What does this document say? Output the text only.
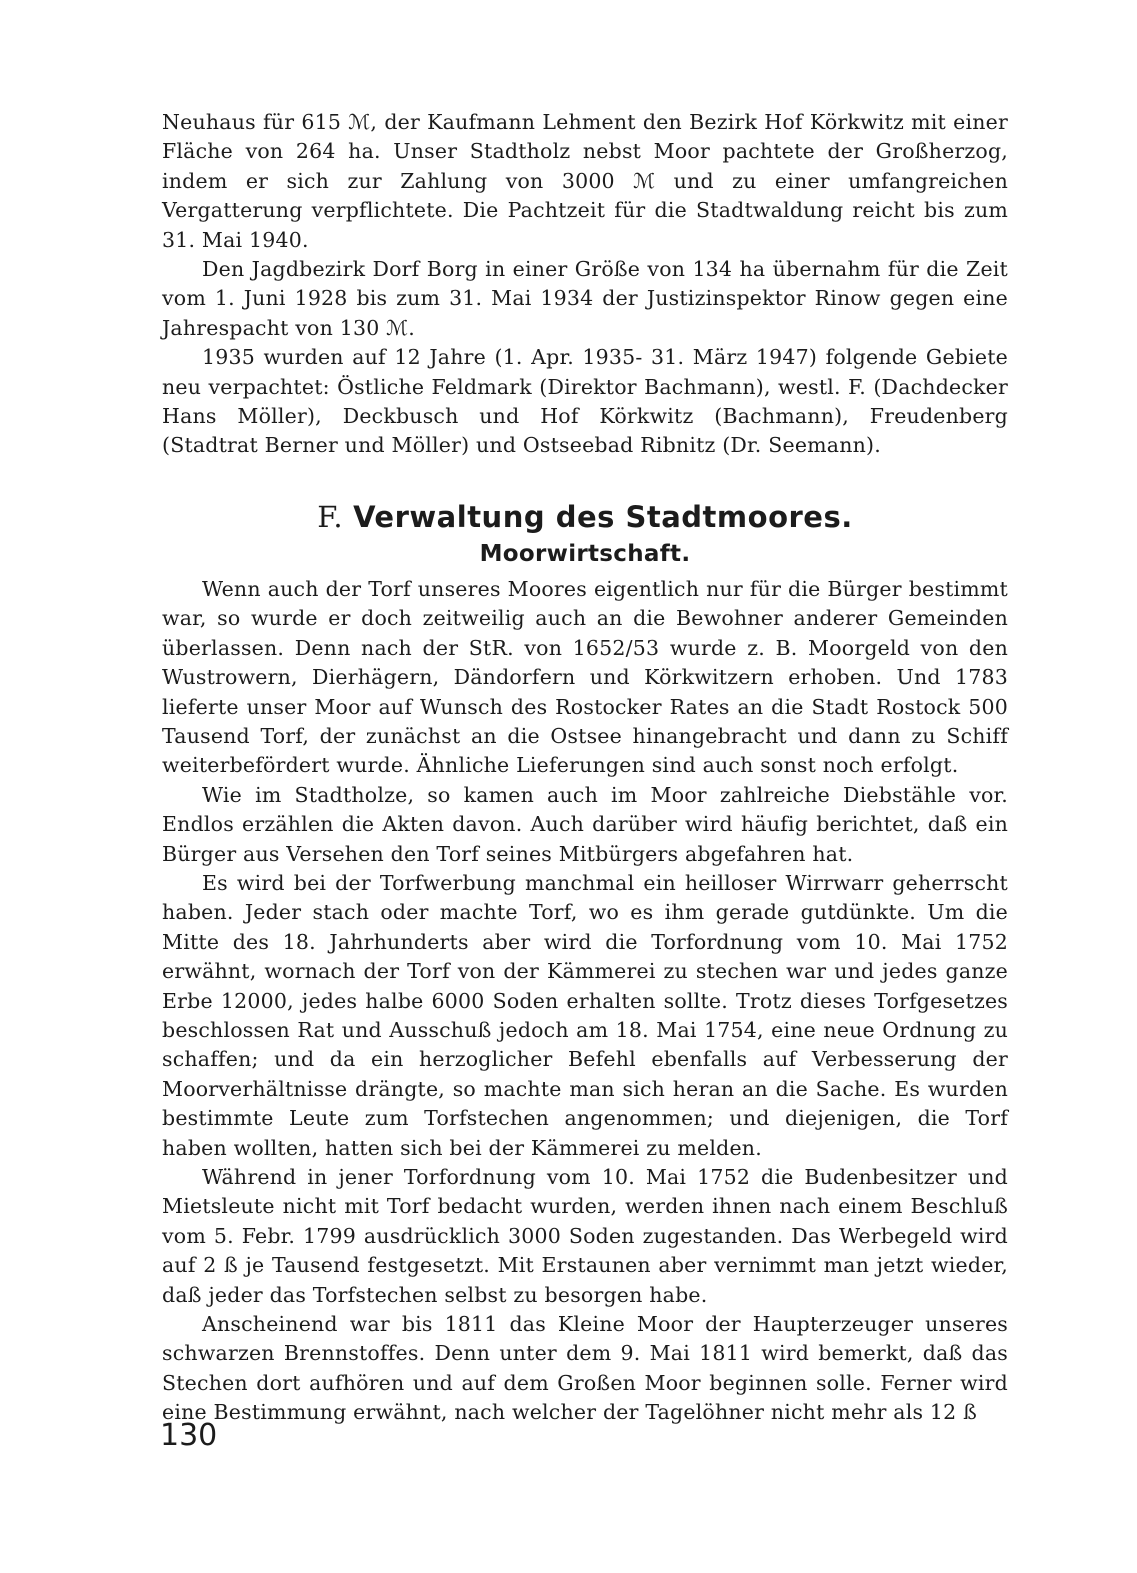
Neuhaus für 615 ℳ, der Kaufmann Lehment den Bezirk Hof Körkwitz mit einer Fläche von 264 ha. Unser Stadtholz nebst Moor pachtete der Großherzog, indem er sich zur Zahlung von 3000 ℳ und zu einer umfangreichen Vergatterung verpflichtete. Die Pachtzeit für die Stadtwaldung reicht bis zum 31. Mai 1940.

Den Jagdbezirk Dorf Borg in einer Größe von 134 ha übernahm für die Zeit vom 1. Juni 1928 bis zum 31. Mai 1934 der Justizinspektor Rinow gegen eine Jahrespacht von 130 ℳ.

1935 wurden auf 12 Jahre (1. Apr. 1935- 31. März 1947) folgende Gebiete neu verpachtet: Östliche Feldmark (Direktor Bachmann), westl. F. (Dachdecker Hans Möller), Deckbusch und Hof Körkwitz (Bachmann), Freudenberg (Stadtrat Berner und Möller) und Ostseebad Ribnitz (Dr. Seemann).

F. Verwaltung des Stadtmoores.
Moorwirtschaft.

Wenn auch der Torf unseres Moores eigentlich nur für die Bürger bestimmt war, so wurde er doch zeitweilig auch an die Bewohner anderer Gemeinden überlassen. Denn nach der StR. von 1652/53 wurde z. B. Moorgeld von den Wustrowern, Dierhägern, Dändorfern und Körkwitzern erhoben. Und 1783 lieferte unser Moor auf Wunsch des Rostocker Rates an die Stadt Rostock 500 Tausend Torf, der zunächst an die Ostsee hinangebracht und dann zu Schiff weiterbefördert wurde. Ähnliche Lieferungen sind auch sonst noch erfolgt.

Wie im Stadtholze, so kamen auch im Moor zahlreiche Diebstähle vor. Endlos erzählen die Akten davon. Auch darüber wird häufig berichtet, daß ein Bürger aus Versehen den Torf seines Mitbürgers abgefahren hat.

Es wird bei der Torfwerbung manchmal ein heilloser Wirrwarr geherrscht haben. Jeder stach oder machte Torf, wo es ihm gerade gutdünkte. Um die Mitte des 18. Jahrhunderts aber wird die Torfordnung vom 10. Mai 1752 erwähnt, wornach der Torf von der Kämmerei zu stechen war und jedes ganze Erbe 12000, jedes halbe 6000 Soden erhalten sollte. Trotz dieses Torfgesetzes beschlossen Rat und Ausschuß jedoch am 18. Mai 1754, eine neue Ordnung zu schaffen; und da ein herzoglicher Befehl ebenfalls auf Verbesserung der Moorverhältnisse drängte, so machte man sich heran an die Sache. Es wurden bestimmte Leute zum Torfstechen angenommen; und diejenigen, die Torf haben wollten, hatten sich bei der Kämmerei zu melden.

Während in jener Torfordnung vom 10. Mai 1752 die Budenbesitzer und Mietsleute nicht mit Torf bedacht wurden, werden ihnen nach einem Beschluß vom 5. Febr. 1799 ausdrücklich 3000 Soden zugestanden. Das Werbegeld wird auf 2 ß je Tausend festgesetzt. Mit Erstaunen aber vernimmt man jetzt wieder, daß jeder das Torfstechen selbst zu besorgen habe.

Anscheinend war bis 1811 das Kleine Moor der Haupterzeuger unseres schwarzen Brennstoffes. Denn unter dem 9. Mai 1811 wird bemerkt, daß das Stechen dort aufhören und auf dem Großen Moor beginnen solle. Ferner wird eine Bestimmung erwähnt, nach welcher der Tagelöhner nicht mehr als 12 ß

130
